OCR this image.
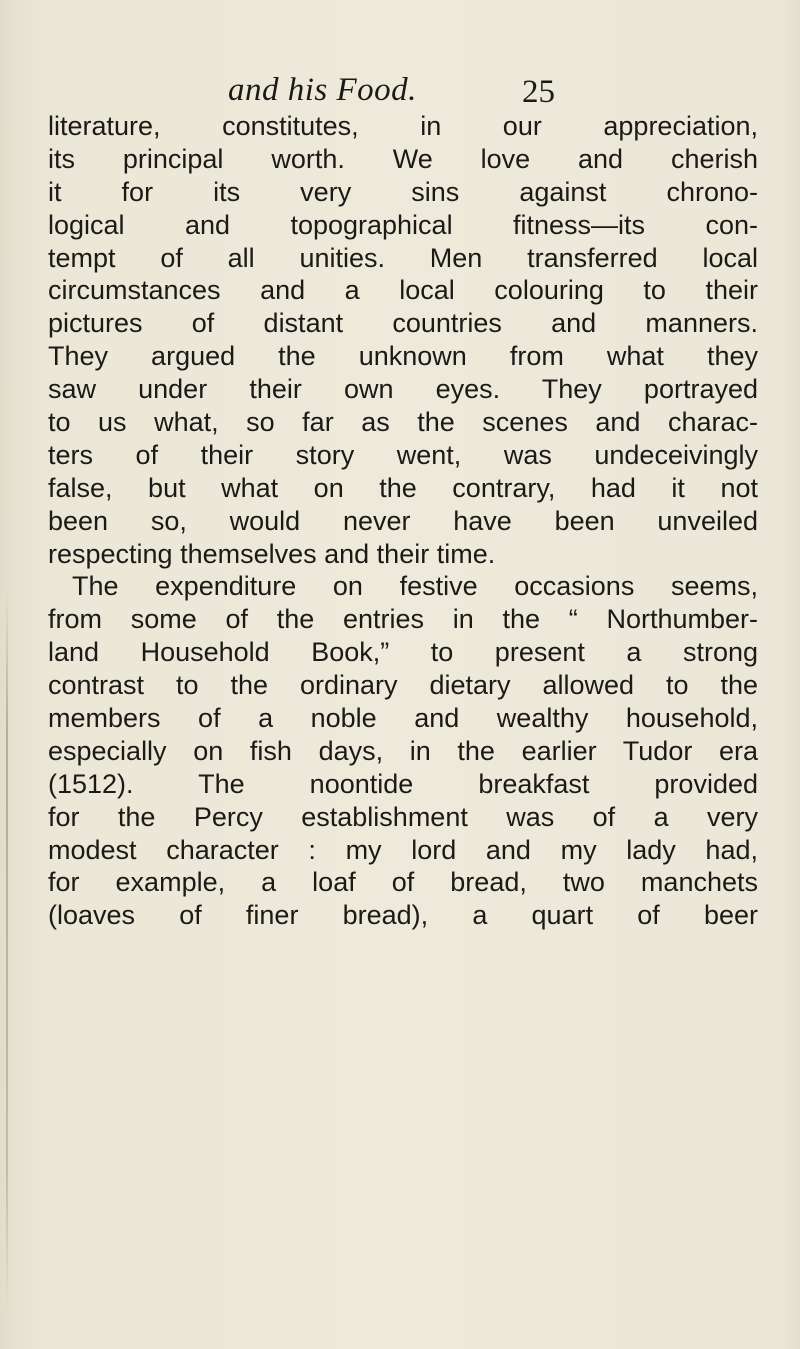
and his Food.	25
literature, constitutes, in our appreciation,
its principal worth. We love and cherish
it for its very sins against chrono-
logical and topographical fitness—its con-
tempt of all unities. Men transferred local
circumstances and a local colouring to their
pictures of distant countries and manners.
They argued the unknown from what they
saw under their own eyes. They portrayed
to us what, so far as the scenes and charac-
ters of their story went, was undeceivingly
false, but what on the contrary, had it not
been so, would never have been unveiled
respecting themselves and their time.
The expenditure on festive occasions seems,
from some of the entries in the “ Northumber-
land Household Book,” to present a strong
contrast to the ordinary dietary allowed to the
members of a noble and wealthy household,
especially on fish days, in the earlier Tudor era
(1512). The noontide breakfast provided
for the Percy establishment was of a very
modest character : my lord and my lady had,
for example, a loaf of bread, two manchets
(loaves of finer bread), a quart of beer
